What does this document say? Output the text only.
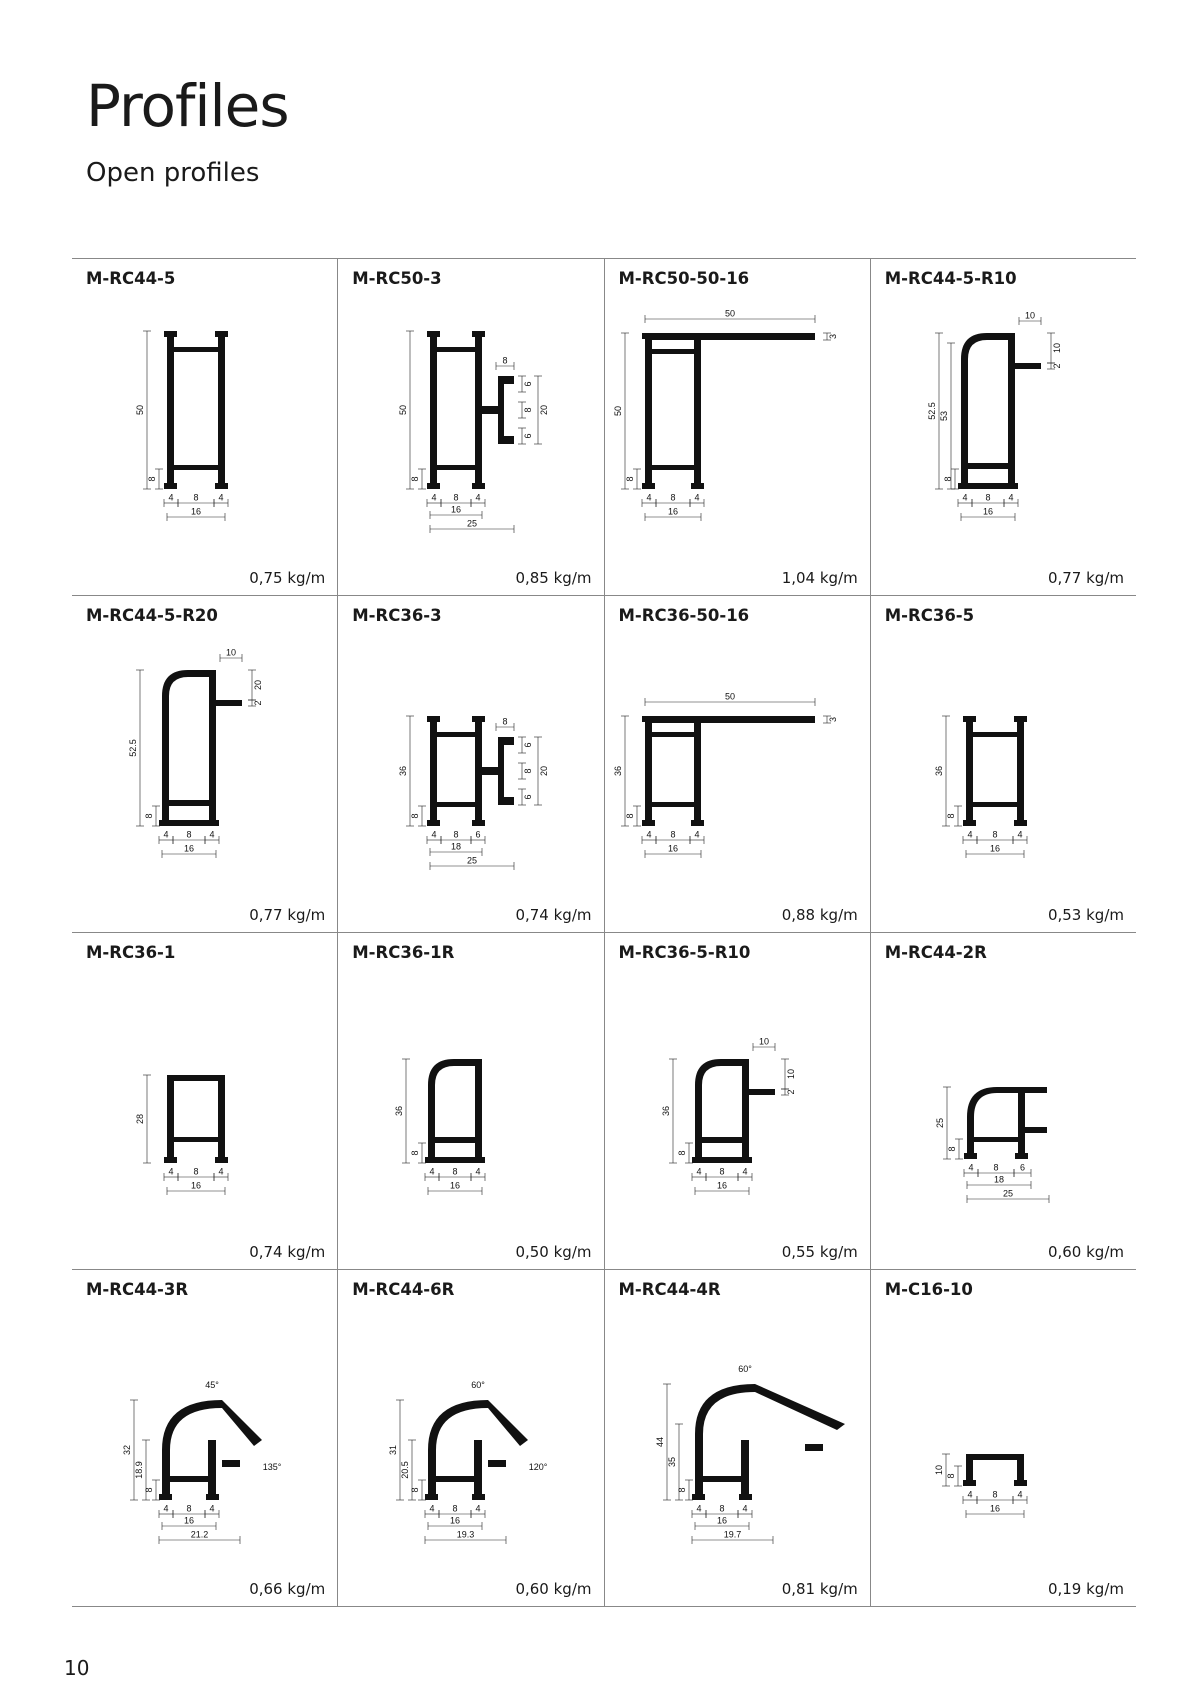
Profiles
Open profiles
M-RC44-5
50
8
4 8 4
16
0,75 kg/m
M-RC50-3
50
8
8
6
8
6
20
4 8 4
16
25
0,85 kg/m
M-RC50-50-16
50
3
50
8
4 8 4
16
1,04 kg/m
M-RC44-5-R10
10
10
2
52.5 53
8
4 8 4
16
0,77 kg/m
M-RC44-5-R20
10
20
2
52.5
8
4 8 4
16
0,77 kg/m
M-RC36-3
36
8
8
6
8
6
20
4 8 6
18
25
0,74 kg/m
M-RC36-50-16
50
3
36
8
4 8 4
16
0,88 kg/m
M-RC36-5
36
8
4 8 4
16
0,53 kg/m
M-RC36-1
28
4 8 4
16
0,74 kg/m
M-RC36-1R
36
8
4 8 4
16
0,50 kg/m
M-RC36-5-R10
10
10
2
36
8
4 8 4
16
0,55 kg/m
M-RC44-2R
25
8
4 8 6
18
25
0,60 kg/m
M-RC44-3R
32
18.9
8
45°
135°
4 8 4
16
21.2
0,66 kg/m
M-RC44-6R
31
20.5
8
60°
120°
4 8 4
16
19.3
0,60 kg/m
M-RC44-4R
44
35
8
60°
4 8 4
16
19.7
0,81 kg/m
M-C16-10
10
8
4 8 4
16
0,19 kg/m
10
